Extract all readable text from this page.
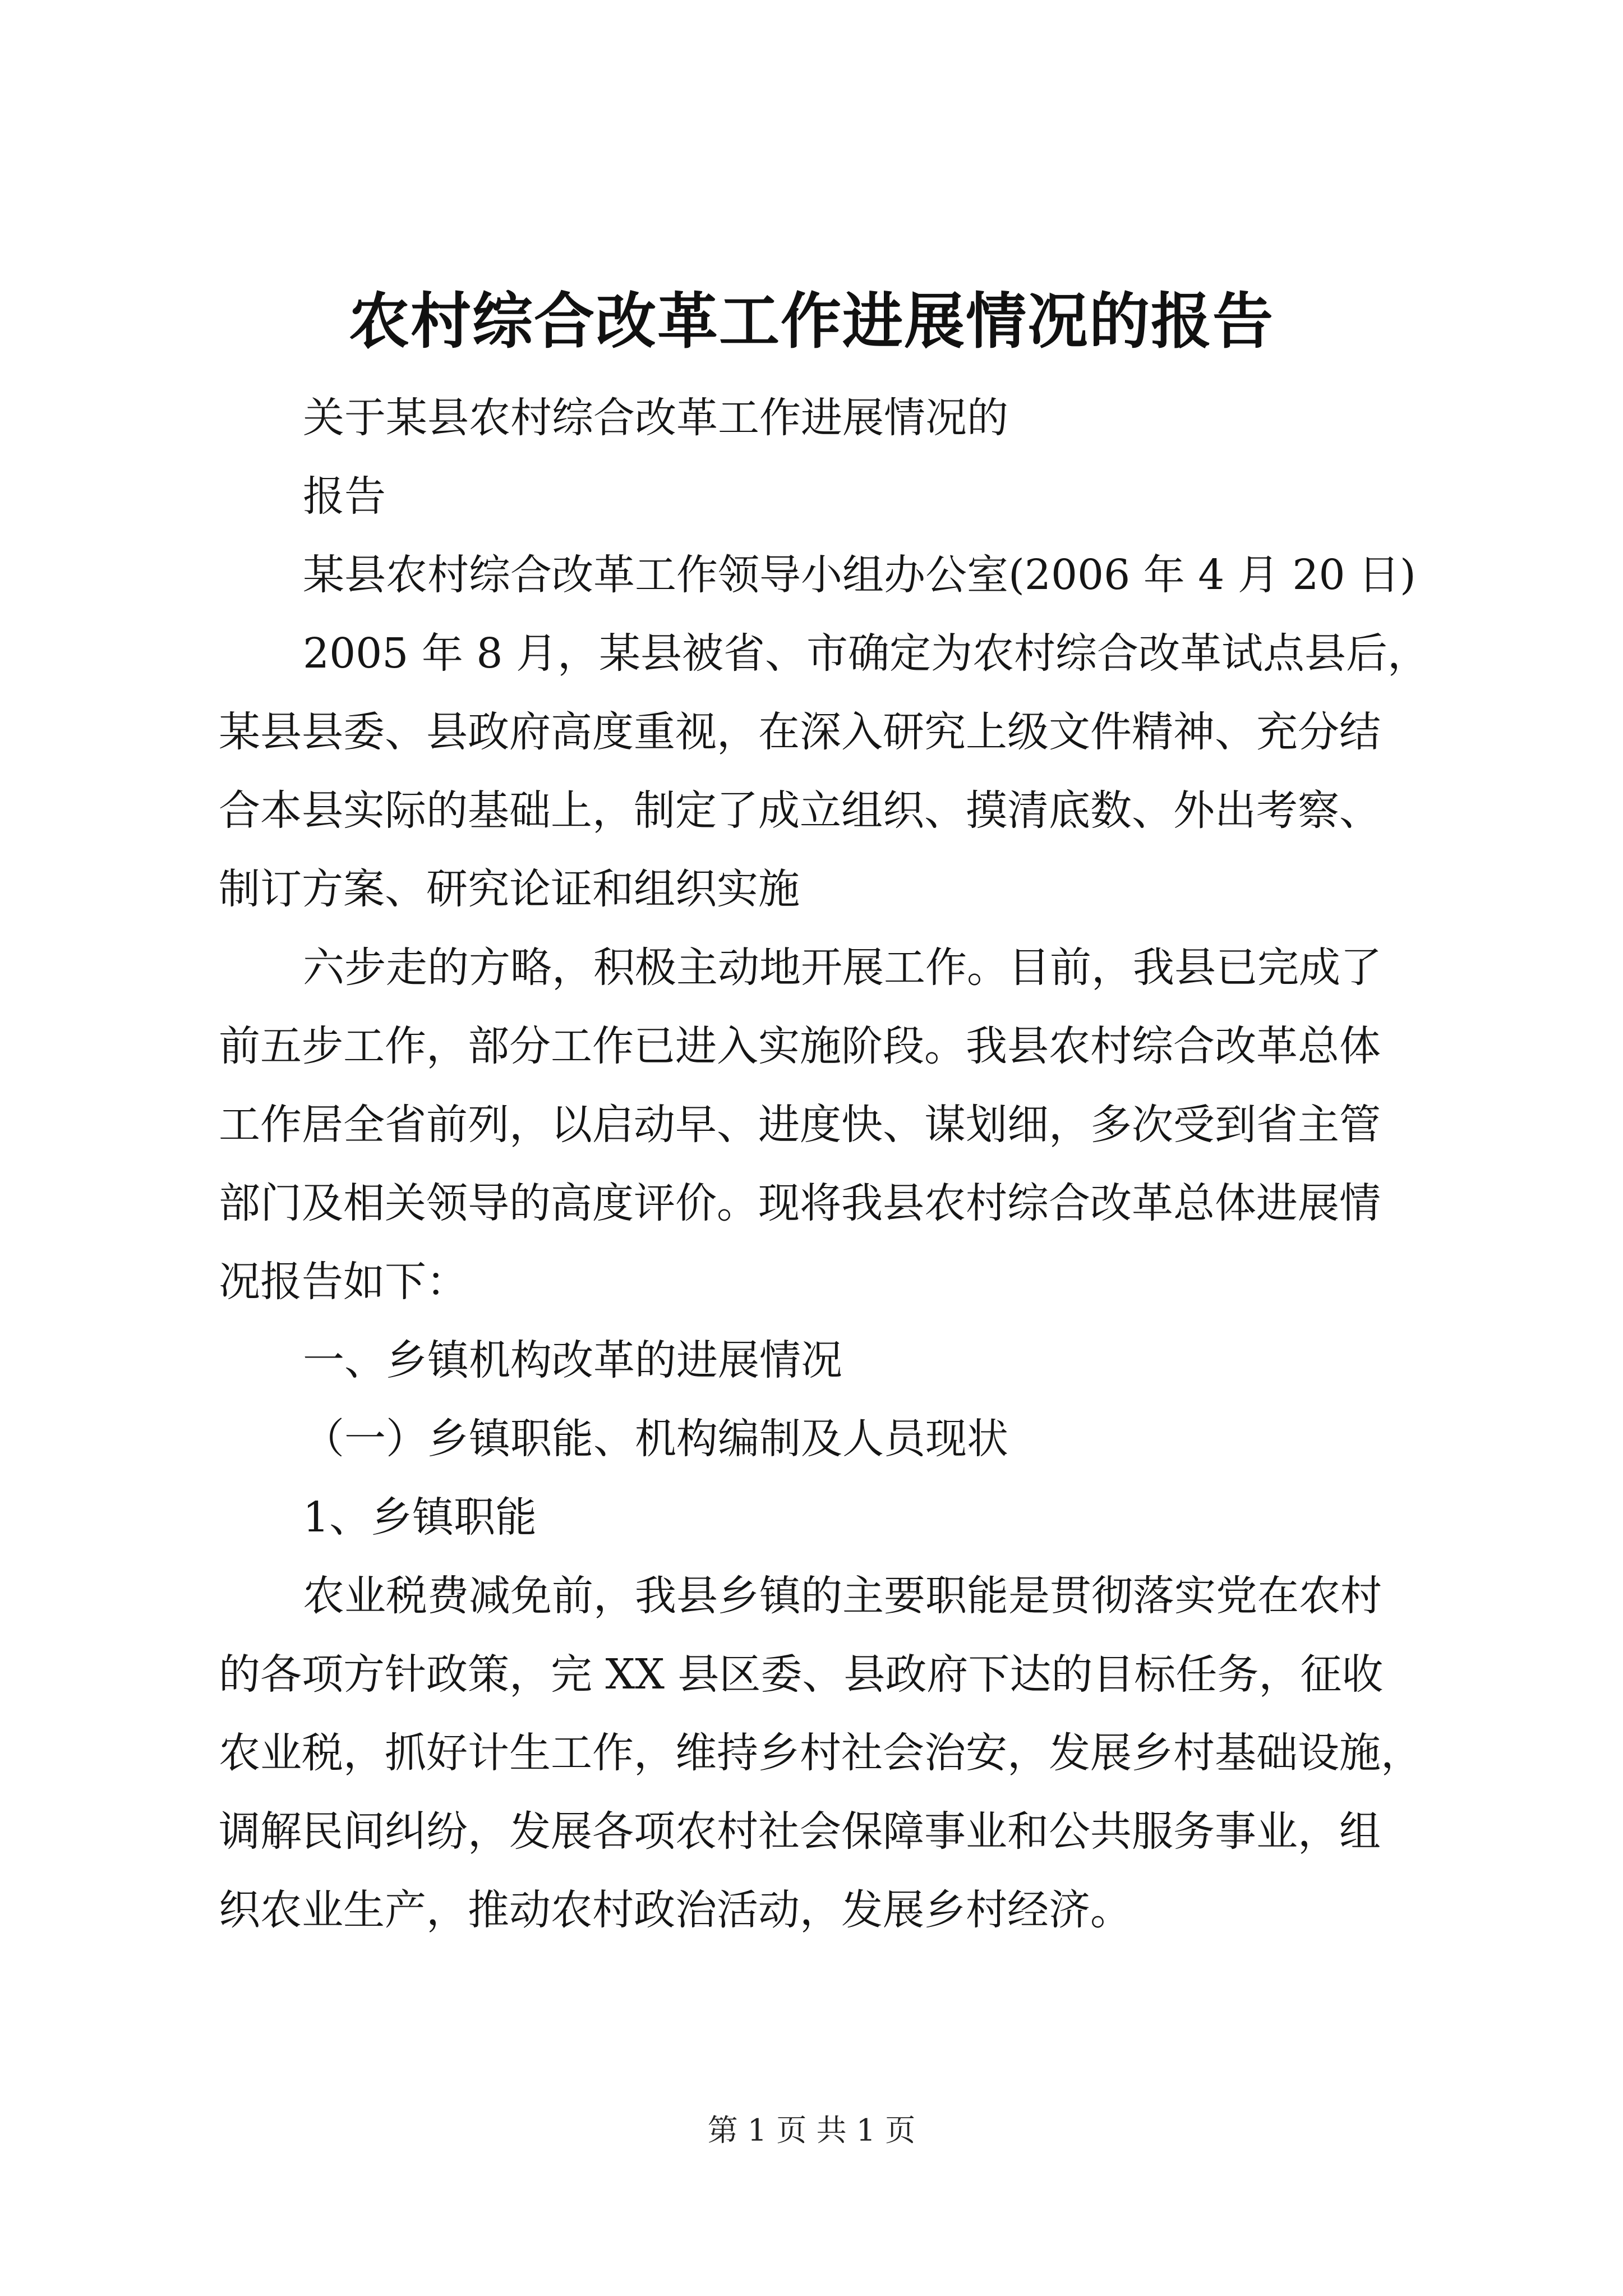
农村综合改革工作进展情况的报告
关于某县农村综合改革工作进展情况的
报告
某县农村综合改革工作领导小组办公室(2006 年 4 月 20 日)
2005 年 8 月，某县被省、市确定为农村综合改革试点县后，
某县县委、县政府高度重视，在深入研究上级文件精神、充分结
合本县实际的基础上，制定了成立组织、摸清底数、外出考察、
制订方案、研究论证和组织实施
六步走的方略，积极主动地开展工作。目前，我县已完成了
前五步工作，部分工作已进入实施阶段。我县农村综合改革总体
工作居全省前列，以启动早、进度快、谋划细，多次受到省主管
部门及相关领导的高度评价。现将我县农村综合改革总体进展情
况报告如下：
一、乡镇机构改革的进展情况
（一）乡镇职能、机构编制及人员现状
1、乡镇职能
农业税费减免前，我县乡镇的主要职能是贯彻落实党在农村
的各项方针政策，完 XX 县区委、县政府下达的目标任务，征收
农业税，抓好计生工作，维持乡村社会治安，发展乡村基础设施，
调解民间纠纷，发展各项农村社会保障事业和公共服务事业，组
织农业生产，推动农村政治活动，发展乡村经济。
第 1 页 共 1 页
